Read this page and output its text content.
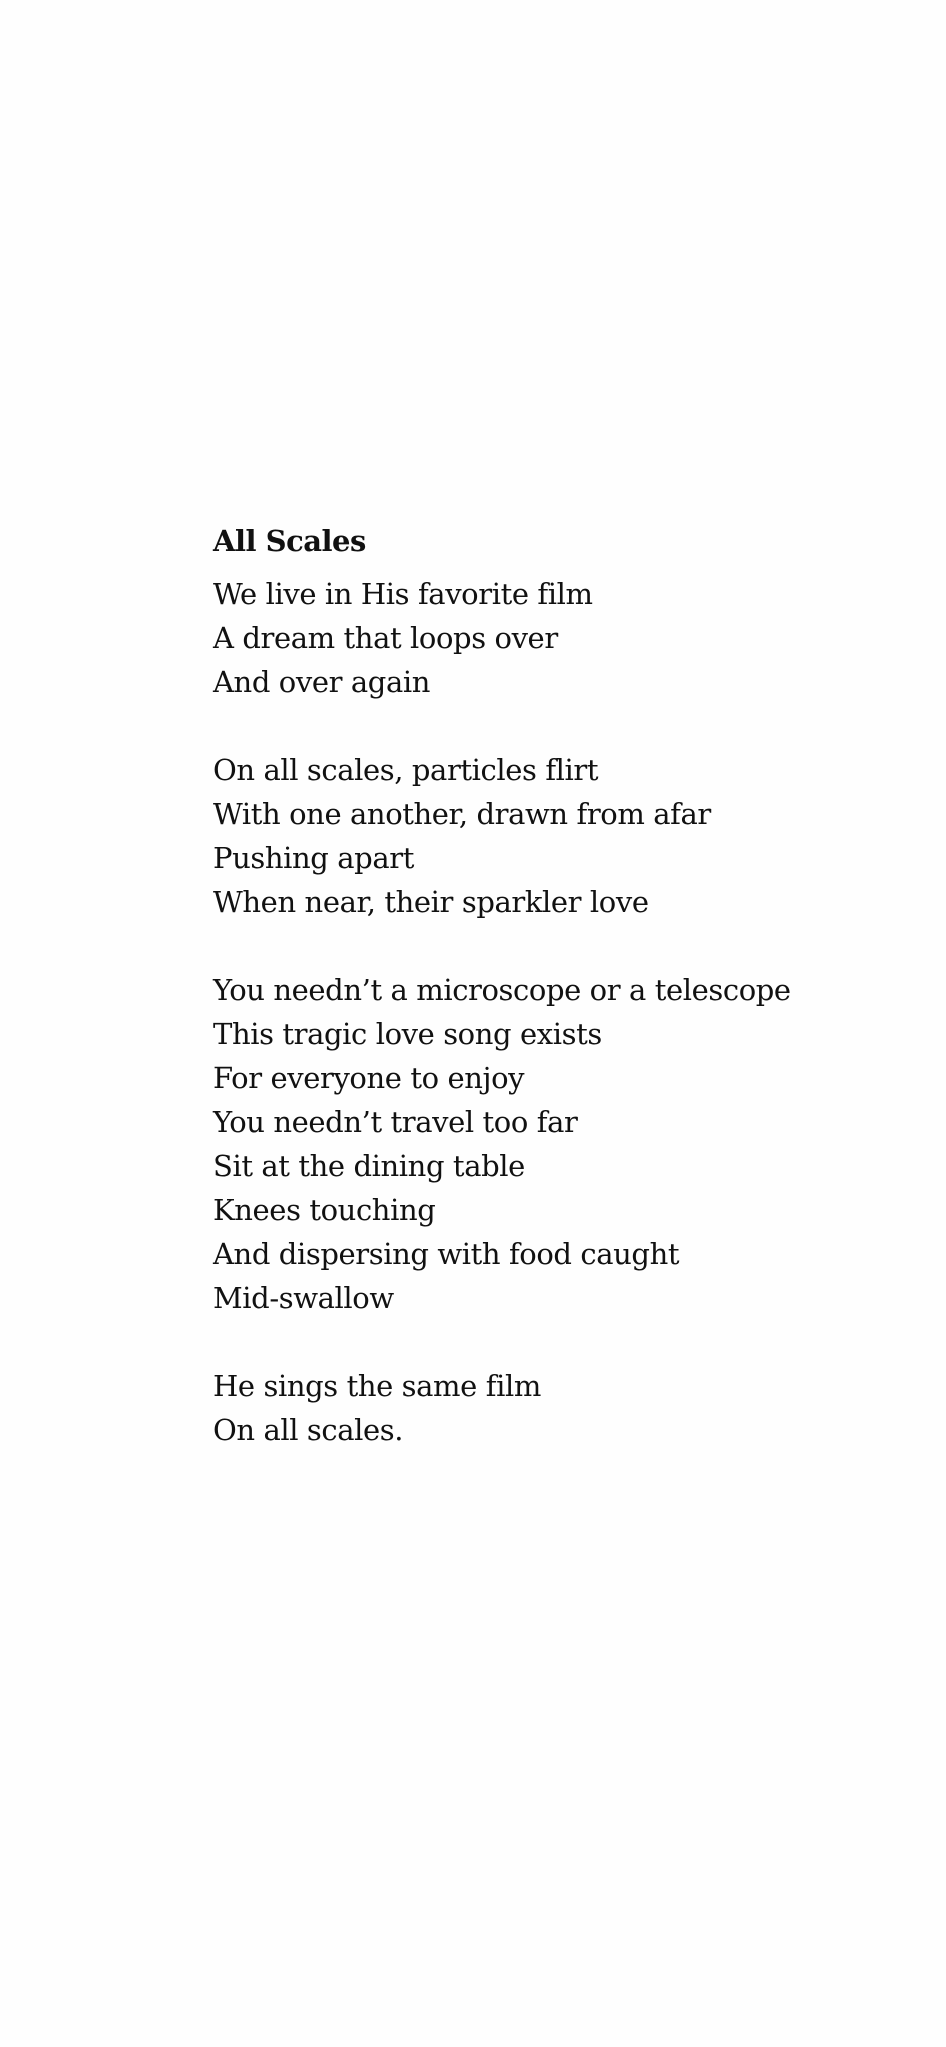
All Scales
We live in His favorite film
A dream that loops over
And over again
On all scales, particles flirt
With one another, drawn from afar
Pushing apart
When near, their sparkler love
You needn’t a microscope or a telescope
This tragic love song exists
For everyone to enjoy
You needn’t travel too far
Sit at the dining table
Knees touching
And dispersing with food caught
Mid-swallow
He sings the same film
On all scales.
